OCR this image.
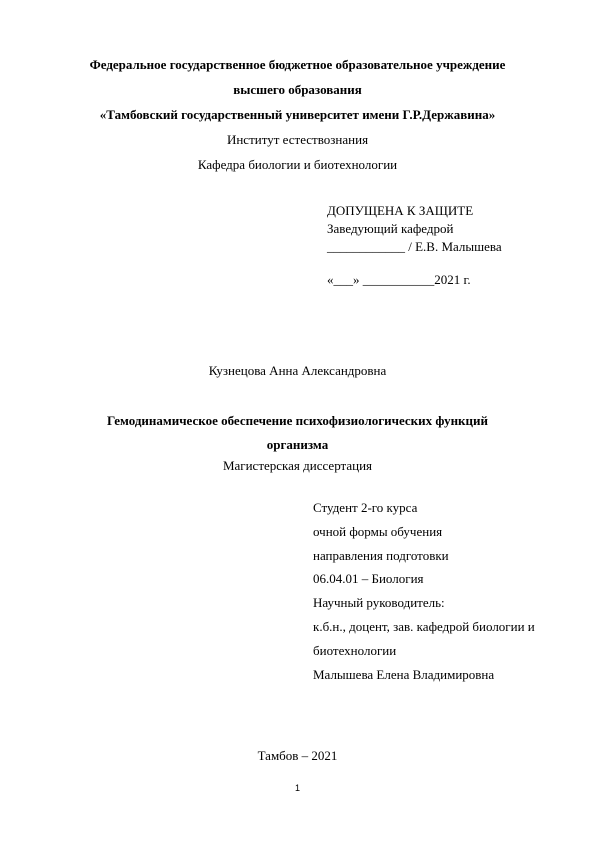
Федеральное государственное бюджетное образовательное учреждение
высшего образования
«Тамбовский государственный университет имени Г.Р.Державина»
Институт естествознания
Кафедра биологии и биотехнологии
ДОПУЩЕНА К ЗАЩИТЕ
Заведующий кафедрой
____________ / Е.В. Малышева
«___» ___________2021 г.
Кузнецова Анна Александровна
Гемодинамическое обеспечение психофизиологических функций
организма
Магистерская диссертация
Студент 2-го курса
очной формы обучения
направления подготовки
06.04.01 – Биология
Научный руководитель:
к.б.н., доцент, зав. кафедрой биологии и
биотехнологии
Малышева Елена Владимировна
Тамбов – 2021
1
